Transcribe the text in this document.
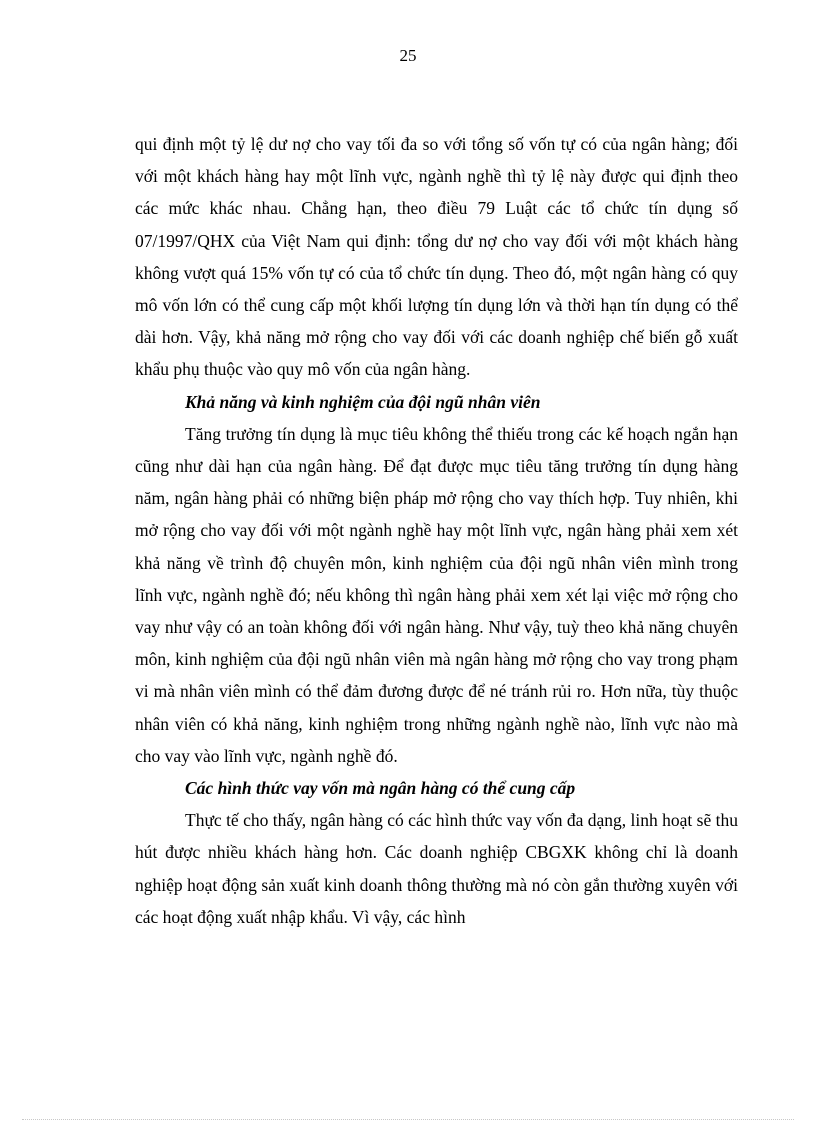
25

qui định một tỷ lệ dư nợ cho vay tối đa so với tổng số vốn tự có của ngân hàng; đối với một khách hàng hay một lĩnh vực, ngành nghề thì tỷ lệ này được qui định theo các mức khác nhau. Chẳng hạn, theo điều 79 Luật các tổ chức tín dụng số 07/1997/QHX của Việt Nam qui định: tổng dư nợ cho vay đối với một khách hàng không vượt quá 15% vốn tự có của tổ chức tín dụng. Theo đó, một ngân hàng có quy mô vốn lớn có thể cung cấp một khối lượng tín dụng lớn và thời hạn tín dụng có thể dài hơn. Vậy, khả năng mở rộng cho vay đối với các doanh nghiệp chế biến gỗ xuất khẩu phụ thuộc vào quy mô vốn của ngân hàng.

Khả năng và kinh nghiệm của đội ngũ nhân viên

Tăng trưởng tín dụng là mục tiêu không thể thiếu trong các kế hoạch ngắn hạn cũng như dài hạn của ngân hàng. Để đạt được mục tiêu tăng trưởng tín dụng hàng năm, ngân hàng phải có những biện pháp mở rộng cho vay thích hợp. Tuy nhiên, khi mở rộng cho vay đối với một ngành nghề hay một lĩnh vực, ngân hàng phải xem xét khả năng về trình độ chuyên môn, kinh nghiệm của đội ngũ nhân viên mình trong lĩnh vực, ngành nghề đó; nếu không thì ngân hàng phải xem xét lại việc mở rộng cho vay như vậy có an toàn không đối với ngân hàng. Như vậy, tuỳ theo khả năng chuyên môn, kinh nghiệm của đội ngũ nhân viên mà ngân hàng mở rộng cho vay trong phạm vi mà nhân viên mình có thể đảm đương được để né tránh rủi ro. Hơn nữa, tùy thuộc nhân viên có khả năng, kinh nghiệm trong những ngành nghề nào, lĩnh vực nào mà cho vay vào lĩnh vực, ngành nghề đó.

Các hình thức vay vốn mà ngân hàng có thể cung cấp

Thực tế cho thấy, ngân hàng có các hình thức vay vốn đa dạng, linh hoạt sẽ thu hút được nhiều khách hàng hơn. Các doanh nghiệp CBGXK không chỉ là doanh nghiệp hoạt động sản xuất kinh doanh thông thường mà nó còn gắn thường xuyên với các hoạt động xuất nhập khẩu. Vì vậy, các hình
